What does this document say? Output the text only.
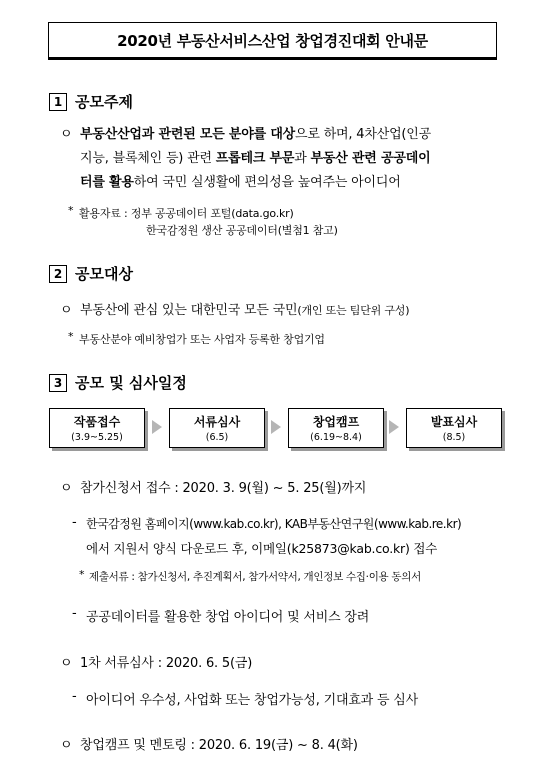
2020년 부동산서비스산업 창업경진대회 안내문
1 공모주제
ㅇ 부동산산업과 관련된 모든 분야를 대상으로 하며, 4차산업(인공
지능, 블록체인 등) 관련 프롭테크 부문과 부동산 관련 공공데이
터를 활용하여 국민 실생활에 편의성을 높여주는 아이디어
* 활용자료 : 정부 공공데이터 포털(data.go.kr)
한국감정원 생산 공공데이터(별첨1 참고)
2 공모대상
ㅇ 부동산에 관심 있는 대한민국 모든 국민(개인 또는 팀단위 구성)
* 부동산분야 예비창업가 또는 사업자 등록한 창업기업
3 공모 및 심사일정
작품접수
(3.9~5.25)
서류심사
(6.5)
창업캠프
(6.19~8.4)
발표심사
(8.5)
ㅇ 참가신청서 접수 : 2020. 3. 9(월) ~ 5. 25(월)까지
- 한국감정원 홈페이지(www.kab.co.kr), KAB부동산연구원(www.kab.re.kr)
에서 지원서 양식 다운로드 후, 이메일(k25873@kab.co.kr) 접수
* 제출서류 : 참가신청서, 추진계획서, 참가서약서, 개인정보 수집·이용 동의서
- 공공데이터를 활용한 창업 아이디어 및 서비스 장려
ㅇ 1차 서류심사 : 2020. 6. 5(금)
- 아이디어 우수성, 사업화 또는 창업가능성, 기대효과 등 심사
ㅇ 창업캠프 및 멘토링 : 2020. 6. 19(금) ~ 8. 4(화)
